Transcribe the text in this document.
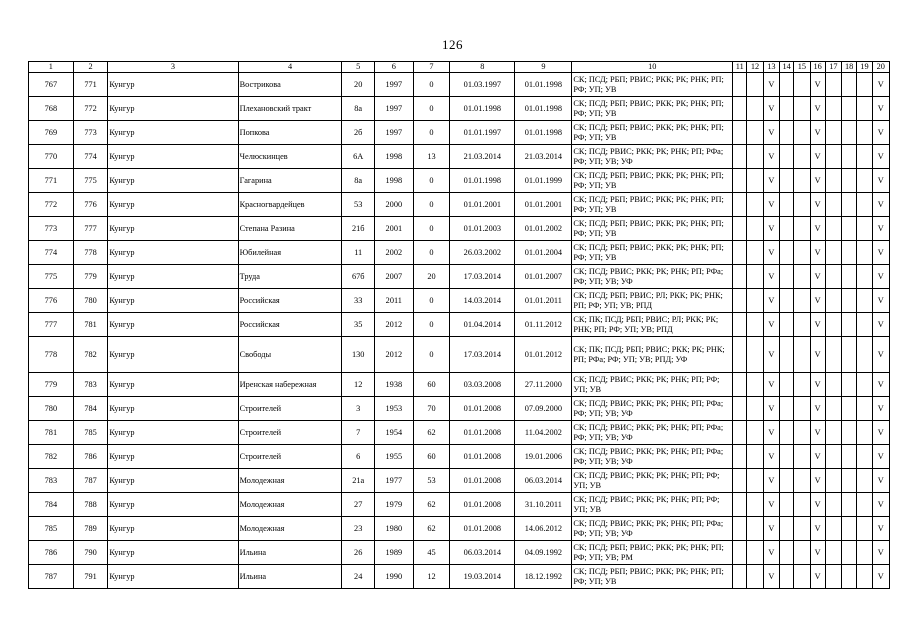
126
1	2	3	4	5	6	7	8	9	10	11	12	13	14	15	16	17	18	19	20
767	771	Кунгур	Вострикова	20	1997	0	01.03.1997	01.01.1998	СК; ПСД; РБП; РВИС; РКК; РК; РНК; РП; РФ; УП; УВ			V			V				V
768	772	Кунгур	Плехановский тракт	8а	1997	0	01.01.1998	01.01.1998	СК; ПСД; РБП; РВИС; РКК; РК; РНК; РП; РФ; УП; УВ			V			V				V
769	773	Кунгур	Попкова	2б	1997	0	01.01.1997	01.01.1998	СК; ПСД; РБП; РВИС; РКК; РК; РНК; РП; РФ; УП; УВ			V			V				V
770	774	Кунгур	Челюскинцев	6А	1998	13	21.03.2014	21.03.2014	СК; ПСД; РВИС; РКК; РК; РНК; РП; РФа; РФ; УП; УВ; УФ			V			V				V
771	775	Кунгур	Гагарина	8а	1998	0	01.01.1998	01.01.1999	СК; ПСД; РБП; РВИС; РКК; РК; РНК; РП; РФ; УП; УВ			V			V				V
772	776	Кунгур	Красногвардейцев	53	2000	0	01.01.2001	01.01.2001	СК; ПСД; РБП; РВИС; РКК; РК; РНК; РП; РФ; УП; УВ			V			V				V
773	777	Кунгур	Степана Разина	21б	2001	0	01.01.2003	01.01.2002	СК; ПСД; РБП; РВИС; РКК; РК; РНК; РП; РФ; УП; УВ			V			V				V
774	778	Кунгур	Юбилейная	11	2002	0	26.03.2002	01.01.2004	СК; ПСД; РБП; РВИС; РКК; РК; РНК; РП; РФ; УП; УВ			V			V				V
775	779	Кунгур	Труда	67б	2007	20	17.03.2014	01.01.2007	СК; ПСД; РВИС; РКК; РК; РНК; РП; РФа; РФ; УП; УВ; УФ			V			V				V
776	780	Кунгур	Российская	33	2011	0	14.03.2014	01.01.2011	СК; ПСД; РБП; РВИС; РЛ; РКК; РК; РНК; РП; РФ; УП; УВ; РПД			V			V				V
777	781	Кунгур	Российская	35	2012	0	01.04.2014	01.11.2012	СК; ПК; ПСД; РБП; РВИС; РЛ; РКК; РК; РНК; РП; РФ; УП; УВ; РПД			V			V				V
778	782	Кунгур	Свободы	130	2012	0	17.03.2014	01.01.2012	СК; ПК; ПСД; РБП; РВИС; РКК; РК; РНК; РП; РФа; РФ; УП; УВ; РПД; УФ			V			V				V
779	783	Кунгур	Иренская набережная	12	1938	60	03.03.2008	27.11.2000	СК; ПСД; РВИС; РКК; РК; РНК; РП; РФ; УП; УВ			V			V				V
780	784	Кунгур	Строителей	3	1953	70	01.01.2008	07.09.2000	СК; ПСД; РВИС; РКК; РК; РНК; РП; РФа; РФ; УП; УВ; УФ			V			V				V
781	785	Кунгур	Строителей	7	1954	62	01.01.2008	11.04.2002	СК; ПСД; РВИС; РКК; РК; РНК; РП; РФа; РФ; УП; УВ; УФ			V			V				V
782	786	Кунгур	Строителей	6	1955	60	01.01.2008	19.01.2006	СК; ПСД; РВИС; РКК; РК; РНК; РП; РФа; РФ; УП; УВ; УФ			V			V				V
783	787	Кунгур	Молодежная	21а	1977	53	01.01.2008	06.03.2014	СК; ПСД; РВИС; РКК; РК; РНК; РП; РФ; УП; УВ			V			V				V
784	788	Кунгур	Молодежная	27	1979	62	01.01.2008	31.10.2011	СК; ПСД; РВИС; РКК; РК; РНК; РП; РФ; УП; УВ			V			V				V
785	789	Кунгур	Молодежная	23	1980	62	01.01.2008	14.06.2012	СК; ПСД; РВИС; РКК; РК; РНК; РП; РФа; РФ; УП; УВ; УФ			V			V				V
786	790	Кунгур	Ильина	26	1989	45	06.03.2014	04.09.1992	СК; ПСД; РБП; РВИС; РКК; РК; РНК; РП; РФ; УП; УВ; РМ			V			V				V
787	791	Кунгур	Ильина	24	1990	12	19.03.2014	18.12.1992	СК; ПСД; РБП; РВИС; РКК; РК; РНК; РП; РФ; УП; УВ			V			V				V
